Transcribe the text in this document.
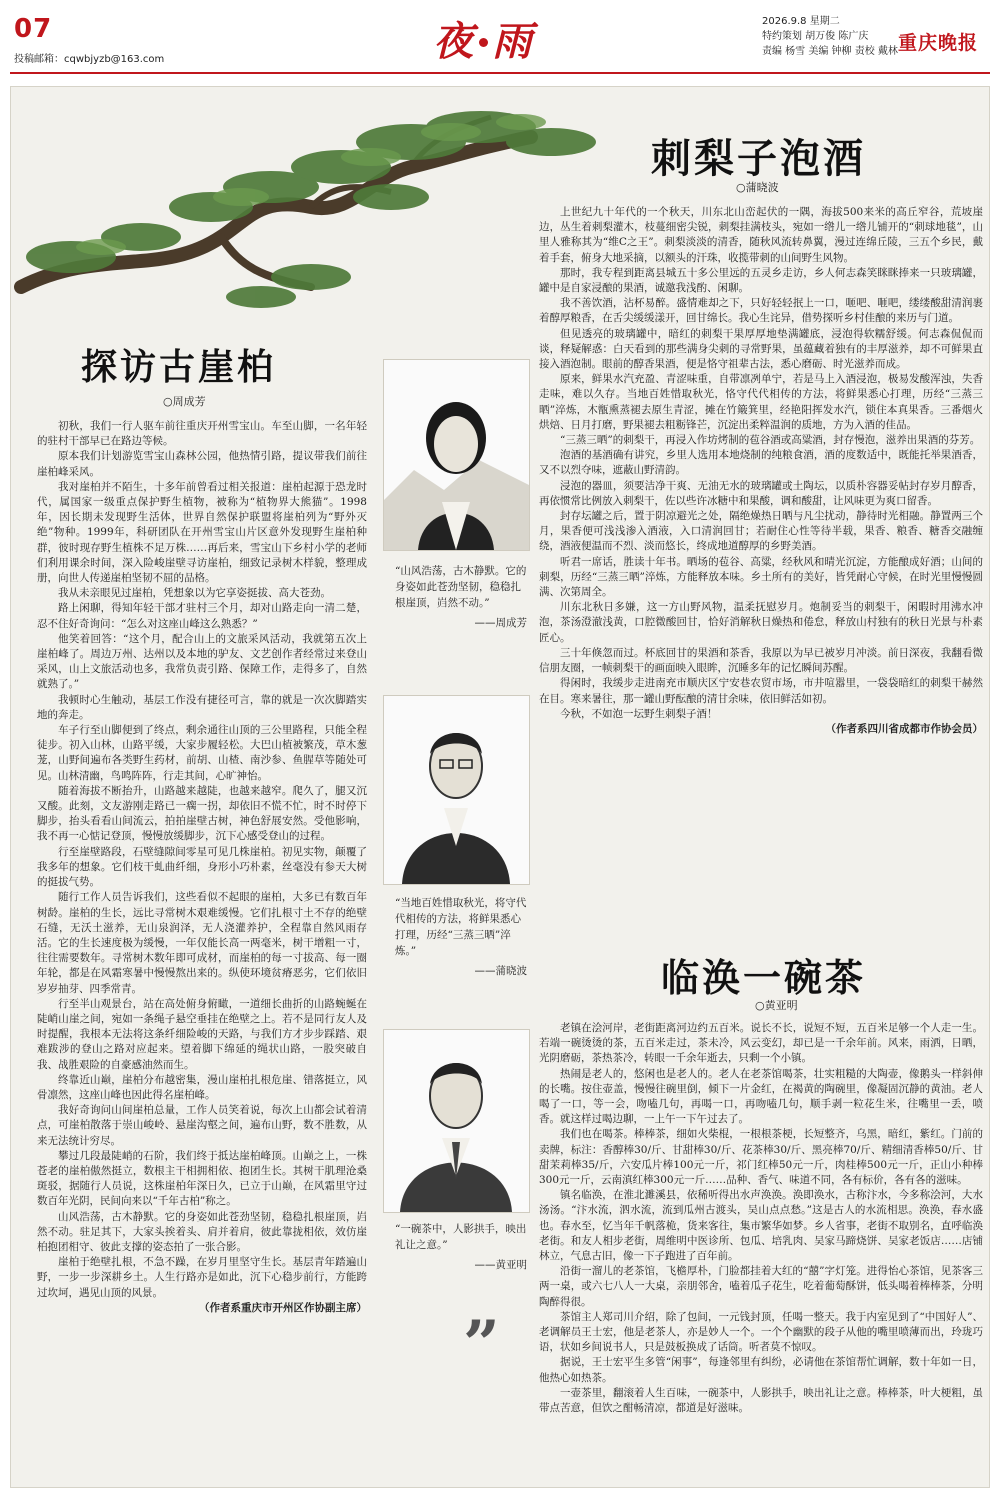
07
投稿邮箱：cqwbjyzb@163.com	夜 雨	2026.9.8 星期二
特约策划 胡万俊 陈广庆
责编 杨雪 美编 钟柳 责校 戴林 重庆晚报
探访古崖柏
○周成芳

初秋，我们一行人驱车前往重庆开州雪宝山。车至山脚，一名年轻的驻村干部早已在路边等候。

原本我们计划游览雪宝山森林公园，他热情引路，提议带我们前往崖柏峰采风。

我对崖柏并不陌生，十多年前曾看过相关报道：崖柏起源于恐龙时代，属国家一级重点保护野生植物，被称为“植物界大熊猫”。1998年，因长期未发现野生活体，世界自然保护联盟将崖柏列为“野外灭绝”物种。1999年，科研团队在开州雪宝山片区意外发现野生崖柏种群，彼时现存野生植株不足万株……再后来，雪宝山下乡村小学的老师们利用课余时间，深入险峻崖壁寻访崖柏，细致记录树木样貌，整理成册，向世人传递崖柏坚韧不屈的品格。

我从未亲眼见过崖柏，凭想象以为它享姿挺拔、高大苍劲。

路上闲聊，得知年轻干部才驻村三个月，却对山路走向一清二楚，忍不住好奇询问：“怎么对这座山峰这么熟悉？”

他笑着回答：“这个月，配合山上的文旅采风活动，我就第五次上崖柏峰了。周边万州、达州以及本地的驴友、文艺创作者经常过来登山采风，山上文旅活动也多，我常负责引路、保障工作，走得多了，自然就熟了。”

我顿时心生触动，基层工作没有捷径可言，靠的就是一次次脚踏实地的奔走。

车子行至山脚便到了终点，剩余通往山顶的三公里路程，只能全程徒步。初入山林，山路平缓，大家步履轻松。大巴山植被繁茂，草木葱茏，山野间遍布各类野生药材，前胡、山楂、南沙参、鱼腥草等随处可见。山林清幽，鸟鸣阵阵，行走其间，心旷神怡。

随着海拔不断抬升，山路越来越陡，也越来越窄。爬久了，腿又沉又酸。此刻，文友游刚走路已一瘸一拐，却依旧不慌不忙，时不时停下脚步，抬头看看山间流云，拍拍崖壁古树，神色舒展安然。受他影响，我不再一心惦记登顶，慢慢放缓脚步，沉下心感受登山的过程。

行至崖壁路段，石壁缝隙间零星可见几株崖柏。初见实物，颠覆了我多年的想象。它们枝干虬曲纤细，身形小巧朴素，丝毫没有参天大树的挺拔气势。

随行工作人员告诉我们，这些看似不起眼的崖柏，大多已有数百年树龄。崖柏的生长，远比寻常树木艰难缓慢。它们扎根寸土不存的绝壁石缝，无沃土滋养，无山泉润泽，无人浇灌养护，全程靠自然风雨存活。它的生长速度极为缓慢，一年仅能长高一两毫米，树干增粗一寸，往往需要数年。寻常树木数年即可成材，而崖柏的每一寸拔高、每一圈年轮，都是在风霜寒暑中慢慢熬出来的。纵使环境贫瘠恶劣，它们依旧岁岁抽芽、四季常青。

行至半山观景台，站在高处俯身俯瞰，一道细长曲折的山路蜿蜒在陡峭山崖之间，宛如一条绳子悬空垂挂在绝壁之上。若不是同行友人及时提醒，我根本无法将这条纤细险峻的天路，与我们方才步步踩踏、艰难跋涉的登山之路对应起来。望着脚下绵延的绳状山路，一股突破自我、战胜艰险的自豪感油然而生。

终靠近山巅，崖柏分布越密集，漫山崖柏扎根危崖、错落挺立，风骨凛然，这座山峰也因此得名崖柏峰。

我好奇询问山间崖柏总量，工作人员笑着说，每次上山都会试着清点，可崖柏散落于崇山峻岭、悬崖沟壑之间，遍布山野，数不胜数，从来无法统计穷尽。

攀过几段最陡峭的石阶，我们终于抵达崖柏峰顶。山巅之上，一株苍老的崖柏傲然挺立，数根主干相拥相依、抱团生长。其树干肌理沧桑斑驳，据随行人员说，这株崖柏年深日久，已立于山巅，在风霜里守过数百年光阴，民间向来以“千年古柏”称之。

山风浩荡，古木静默。它的身姿如此苍劲坚韧，稳稳扎根崖顶，岿然不动。驻足其下，大家头挨着头、肩并着肩，彼此靠拢相依，效仿崖柏抱团相守、彼此支撑的姿态拍了一张合影。

崖柏于绝壁扎根，不急不躁，在岁月里坚守生长。基层青年踏遍山野，一步一步深耕乡土。人生行路亦是如此，沉下心稳步前行，方能跨过坎坷，遇见山顶的风景。

（作者系重庆市开州区作协副主席）

“山风浩荡，古木静默。它的身姿如此苍劲坚韧，稳稳扎根崖顶，岿然不动。”
——周成芳
“当地百姓惜取秋光，将守代代相传的方法，将鲜果悉心打理，历经“三蒸三晒”淬炼。”
——蒲晓波
“一碗茶中，人影拱手，映出礼让之意。”
——黄亚明
”
刺梨子泡酒
○蒲晓波

上世纪九十年代的一个秋天，川东北山峦起伏的一隅，海拔500来米的高丘窄谷，荒坡崖边，丛生着刺梨灌木，枝蔓细密尖锐，刺梨挂满枝头，宛如一绺儿一绺儿铺开的“刺球地毯”，山里人雅称其为“维C之王”。刺梨淡淡的清香，随秋风流转鼻翼，漫过连绵丘陵，三五个乡民，戴着手套，俯身大地采摘，以额头的汗珠，收揽带刺的山间野生风物。

那时，我专程到距离县城五十多公里远的五灵乡走访，乡人何志森笑眯眯捧来一只玻璃罐，罐中是自家浸酿的果酒，诚邀我浅酌、闲聊。

我不善饮酒，沾杯易醉。盛情难却之下，只好轻轻抿上一口，咂吧、咂吧，缕缕酸甜清润裹着醇厚粮香，在舌尖缓缓漾开，回甘绵长。我心生诧异，借势探听乡村佳酿的来历与门道。

但见透亮的玻璃罐中，暗红的刺梨干果厚厚地垫满罐底，浸泡得软糯舒缓。何志森侃侃而谈，释疑解惑：白天看到的那些满身尖刺的寻常野果，虽蕴藏着独有的丰厚滋养，却不可鲜果直接入酒泡制。眼前的醇香果酒，便是恪守祖辈古法，悉心磨砺、时光滋养而成。

原来，鲜果水汽充盈、青涩味重，自带凛冽单宁，若是马上入酒浸泡，极易发酸浑浊，失香走味，难以久存。当地百姓惜取秋光，恪守代代相传的方法，将鲜果悉心打理，历经“三蒸三晒”淬炼，木甑熏蒸褪去原生青涩，摊在竹簸箕里，经艳阳挥发水汽，锁住本真果香。三番烟火烘焙、日月打磨，野果褪去粗粝锋芒，沉淀出柔粹温润的质地，方为入酒的佳品。

“三蒸三晒”的刺梨干，再浸入作坊烤制的苞谷酒或高粱酒，封存慢泡，滋养出果酒的芬芳。

泡酒的基酒确有讲究，乡里人选用本地烧制的纯粮食酒，酒的度数适中，既能托举果酒香，又不以烈夺味，遮蔽山野清韵。

浸泡的器皿，须要洁净干爽、无油无水的玻璃罐或土陶坛，以质朴容器妥帖封存岁月醇香，再依惯常比例放入刺梨干，佐以些许冰糖中和果酸，调和酸甜，让风味更为爽口留香。

封存坛罐之后，置于阴凉避光之处，隔绝燥热日晒与凡尘扰动，静待时光相融。静置两三个月，果香便可浅浅渗入酒液，入口清润回甘；若耐住心性等待半载，果香、粮香、糖香交融缠绕，酒液便温而不烈、淡而悠长，终成地道醇厚的乡野美酒。

听君一席话，胜读十年书。晒场的苞谷、高粱，经秋风和晴光沉淀，方能酿成好酒；山间的刺梨，历经“三蒸三晒”淬炼，方能释放本味。乡土所有的美好，皆凭耐心守候，在时光里慢慢圆满、次第周全。

川东北秋日多嫌，这一方山野风物，温柔抚慰岁月。炮制妥当的刺梨干，闲暇时用沸水冲泡，茶汤澄澈浅黄，口腔微酸回甘，恰好消解秋日燥热和倦怠，释放山村独有的秋日光景与朴素匠心。

三十年倏忽而过。杯底回甘的果酒和茶香，我原以为早已被岁月冲淡。前日深夜，我翻看微信朋友圈，一帧刺梨干的画面映入眼眸，沉睡多年的记忆瞬间苏醒。

得闲时，我缓步走进南充市顺庆区宁安巷农贸市场，市井喧嚣里，一袋袋暗红的刺梨干赫然在目。寒来暑往，那一罐山野酝酿的清甘余味，依旧鲜活如初。

今秋，不如泡一坛野生刺梨子酒！

（作者系四川省成都市作协会员）

临涣一碗茶
○黄亚明

老镇在浍河岸，老街距离河边约五百米。说长不长，说短不短，五百米足够一个人走一生。若端一碗烫烫的茶，五百米走过，茶未冷，风云变幻，却已是一千余年前。风来，雨洒，日晒，光阴磨砺，茶热茶冷，转眼一千余年逝去，只剩一个小镇。

热闹是老人的，悠闲也是老人的。老人在老茶馆喝茶，壮实粗糙的大陶壶，像鹅头一样斜伸的长嘴。按住壶盖，慢慢往碗里倒，倾下一片金红，在褐黄的陶碗里，像凝固沉静的黄油。老人喝了一口，等一会，吻嗑几句，再喝一口，再吻嗑几句，顺手剥一粒花生米，往嘴里一丢，喷香。就这样过喝边聊，一上午一下午过去了。

我们也在喝茶。棒棒茶，细如火柴棍，一根根茶梗，长短整齐，乌黑，暗红，紫红。门前的卖牌，标注：香醇棒30/斤、甘甜棒30/斤、花茶棒30/斤、黑亮棒70/斤、精细清香棒50/斤、甘甜茉莉棒35/斤，六安瓜片棒100元一斤，祁门红棒50元一斤，肉桂棒500元一斤，正山小种棒300元一斤，云南滇红棒300元一斤……品种、香气、味道不同，各有标价，各有各的滋味。

镇名临涣，在淮北濉溪县，依稀听得出水声涣涣。涣即涣水，古称汴水，今多称浍河，大水汤汤。“汴水流，泗水流，流到瓜州古渡头，吴山点点愁。”这是古人的水流相思。涣涣，春水盛也。春水至，忆当年千帆落桅，货来客往，集市繁华如梦。乡人省事，老街不取别名，直呼临涣老街。和友人相步老街，周维明中医诊所、包瓜、培乳肉、吴家马蹄烧饼、吴家老饭店……店铺林立，气息古旧，像一下子跑进了百年前。

沿街一溜儿的老茶馆，飞檐厚朴，门脸都挂着大红的“囍”字灯笼。进得怡心茶馆，见茶客三两一桌，或六七八人一大桌，亲朋邻舍，嗑着瓜子花生，吃着葡萄酥饼，低头喝着棒棒茶，分明陶醉得很。

茶馆主人郑司川介绍，除了包间，一元钱封顶，任喝一整天。我于内室见到了“中国好人”、老调解员王士宏，他是老茶人，亦是妙人一个。一个个幽默的段子从他的嘴里喷薄而出，玲珑巧语，状如乡间说书人，只是鼓板换成了话筒。听者莫不惊叹。

据说，王士宏平生多管“闲事”，每逢邻里有纠纷，必请他在茶馆帮忙调解，数十年如一日，他热心如热茶。

一壶茶里，翻滚着人生百味，一碗茶中，人影拱手，映出礼让之意。棒棒茶，叶大梗粗，虽带点苦意，但饮之酣畅清凉，都道是好滋味。
